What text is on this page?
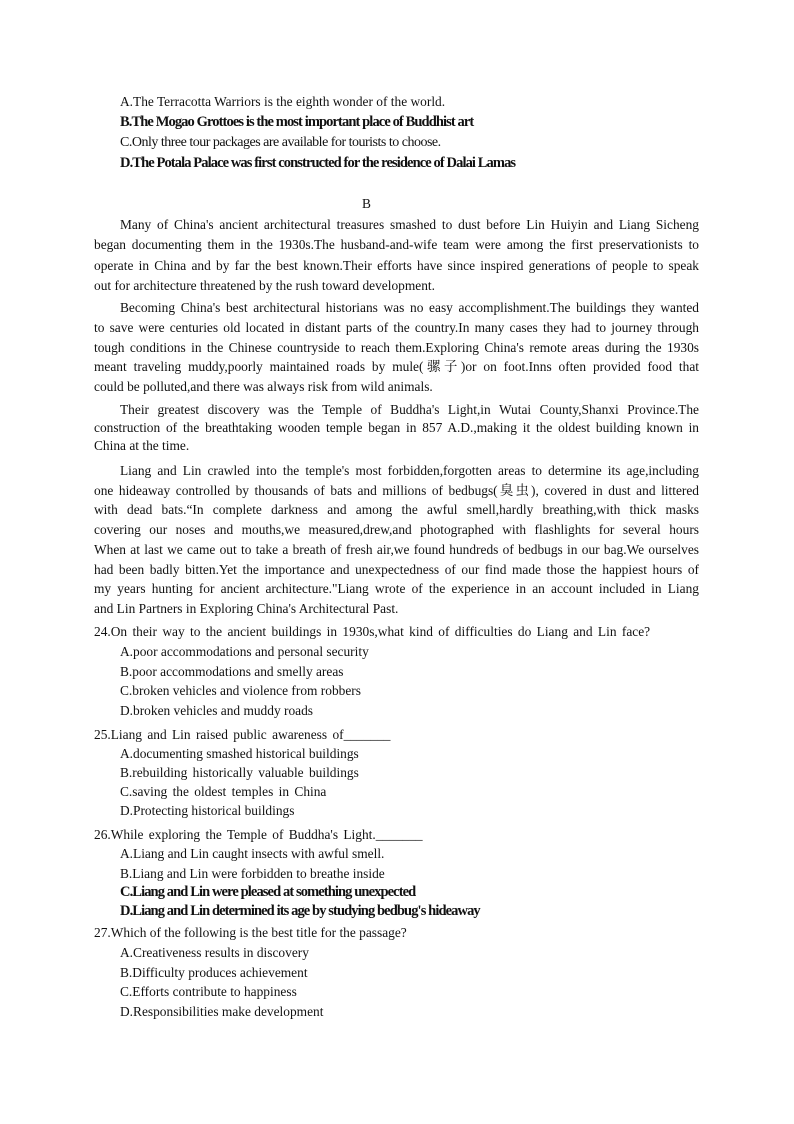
A.The Terracotta Warriors is the eighth wonder of the world.
B.The Mogao Grottoes is the most important place of Buddhist art
C.Only three tour packages are available for tourists to choose.
D.The Potala Palace was first constructed for the residence of Dalai Lamas
B
Many of China's ancient architectural treasures smashed to dust before Lin Huiyin and Liang Sicheng
began documenting them in the 1930s.The husband-and-wife team were among the first preservationists to
operate in China and by far the best known.Their efforts have since inspired generations of people to speak
out for architecture threatened by the rush toward development.
Becoming China's best architectural historians was no easy accomplishment.The buildings they wanted
to save were centuries old located in distant parts of the country.In many cases they had to journey through
tough conditions in the Chinese countryside to reach them.Exploring China's remote areas during the 1930s
meant traveling muddy,poorly maintained roads by mule(骡子)or on foot.Inns often provided food that
could be polluted,and there was always risk from wild animals.
Their greatest discovery was the Temple of Buddha's Light,in Wutai County,Shanxi Province.The
construction of the breathtaking wooden temple began in 857 A.D.,making it the oldest building known in
China at the time.
Liang and Lin crawled into the temple's most forbidden,forgotten areas to determine its age,including
one hideaway controlled by thousands of bats and millions of bedbugs(臭虫), covered in dust and littered
with dead bats.“In complete darkness and among the awful smell,hardly breathing,with thick masks
covering our noses and mouths,we measured,drew,and photographed with flashlights for several hours
When at last we came out to take a breath of fresh air,we found hundreds of bedbugs in our bag.We ourselves
had been badly bitten.Yet the importance and unexpectedness of our find made those the happiest hours of
my years hunting for ancient architecture."Liang wrote of the experience in an account included in Liang
and Lin Partners in Exploring China's Architectural Past.
24.On their way to the ancient buildings in 1930s,what kind of difficulties do Liang and Lin face?
A.poor accommodations and personal security
B.poor accommodations and smelly areas
C.broken vehicles and violence from robbers
D.broken vehicles and muddy roads
25.Liang and Lin raised public awareness of_______
A.documenting smashed historical buildings
B.rebuilding historically valuable buildings
C.saving the oldest temples in China
D.Protecting historical buildings
26.While exploring the Temple of Buddha's Light._______
A.Liang and Lin caught insects with awful smell.
B.Liang and Lin were forbidden to breathe inside
C.Liang and Lin were pleased at something unexpected
D.Liang and Lin determined its age by studying bedbug's hideaway
27.Which of the following is the best title for the passage?
A.Creativeness results in discovery
B.Difficulty produces achievement
C.Efforts contribute to happiness
D.Responsibilities make development
